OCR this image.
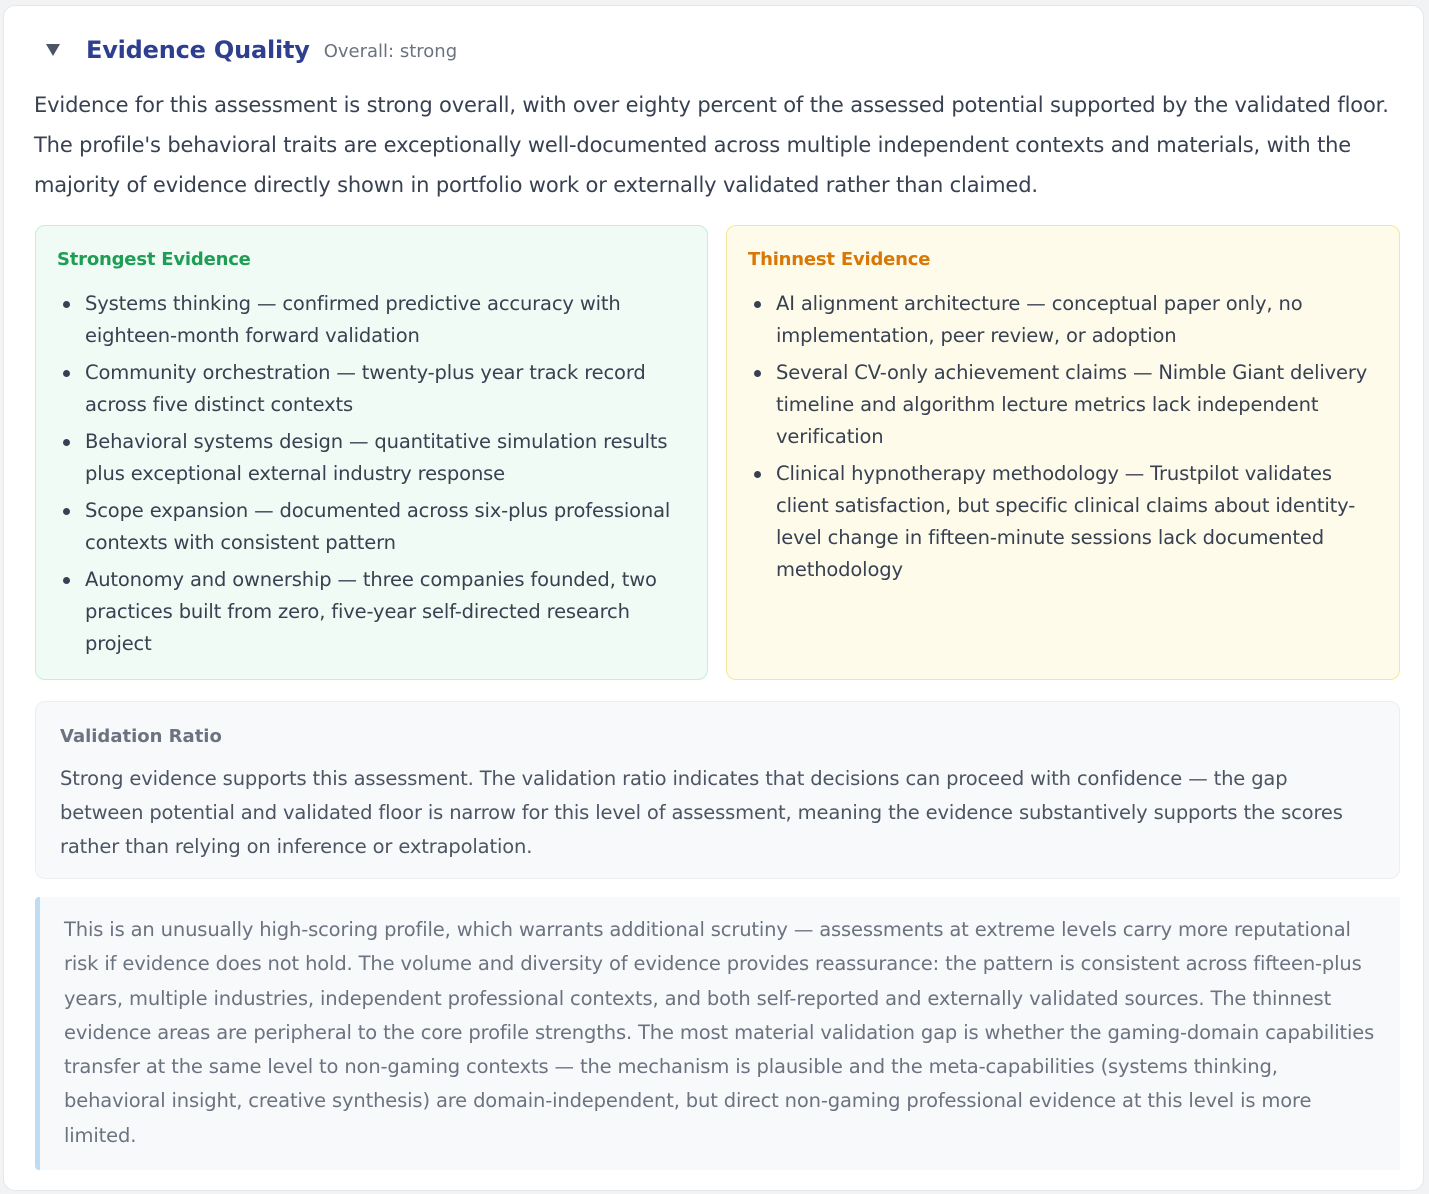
Evidence Quality Overall: strong

Evidence for this assessment is strong overall, with over eighty percent of the assessed potential supported by the validated floor. The profile's behavioral traits are exceptionally well-documented across multiple independent contexts and materials, with the majority of evidence directly shown in portfolio work or externally validated rather than claimed.

Strongest Evidence
Systems thinking — confirmed predictive accuracy with eighteen-month forward validation
Community orchestration — twenty-plus year track record across five distinct contexts
Behavioral systems design — quantitative simulation results plus exceptional external industry response
Scope expansion — documented across six-plus professional contexts with consistent pattern
Autonomy and ownership — three companies founded, two practices built from zero, five-year self-directed research project
Thinnest Evidence
AI alignment architecture — conceptual paper only, no implementation, peer review, or adoption
Several CV-only achievement claims — Nimble Giant delivery timeline and algorithm lecture metrics lack independent verification
Clinical hypnotherapy methodology — Trustpilot validates client satisfaction, but specific clinical claims about identity-level change in fifteen-minute sessions lack documented methodology
Validation Ratio

Strong evidence supports this assessment. The validation ratio indicates that decisions can proceed with confidence — the gap between potential and validated floor is narrow for this level of assessment, meaning the evidence substantively supports the scores rather than relying on inference or extrapolation.

This is an unusually high-scoring profile, which warrants additional scrutiny — assessments at extreme levels carry more reputational risk if evidence does not hold. The volume and diversity of evidence provides reassurance: the pattern is consistent across fifteen-plus years, multiple industries, independent professional contexts, and both self-reported and externally validated sources. The thinnest evidence areas are peripheral to the core profile strengths. The most material validation gap is whether the gaming-domain capabilities transfer at the same level to non-gaming contexts — the mechanism is plausible and the meta-capabilities (systems thinking, behavioral insight, creative synthesis) are domain-independent, but direct non-gaming professional evidence at this level is more limited.
